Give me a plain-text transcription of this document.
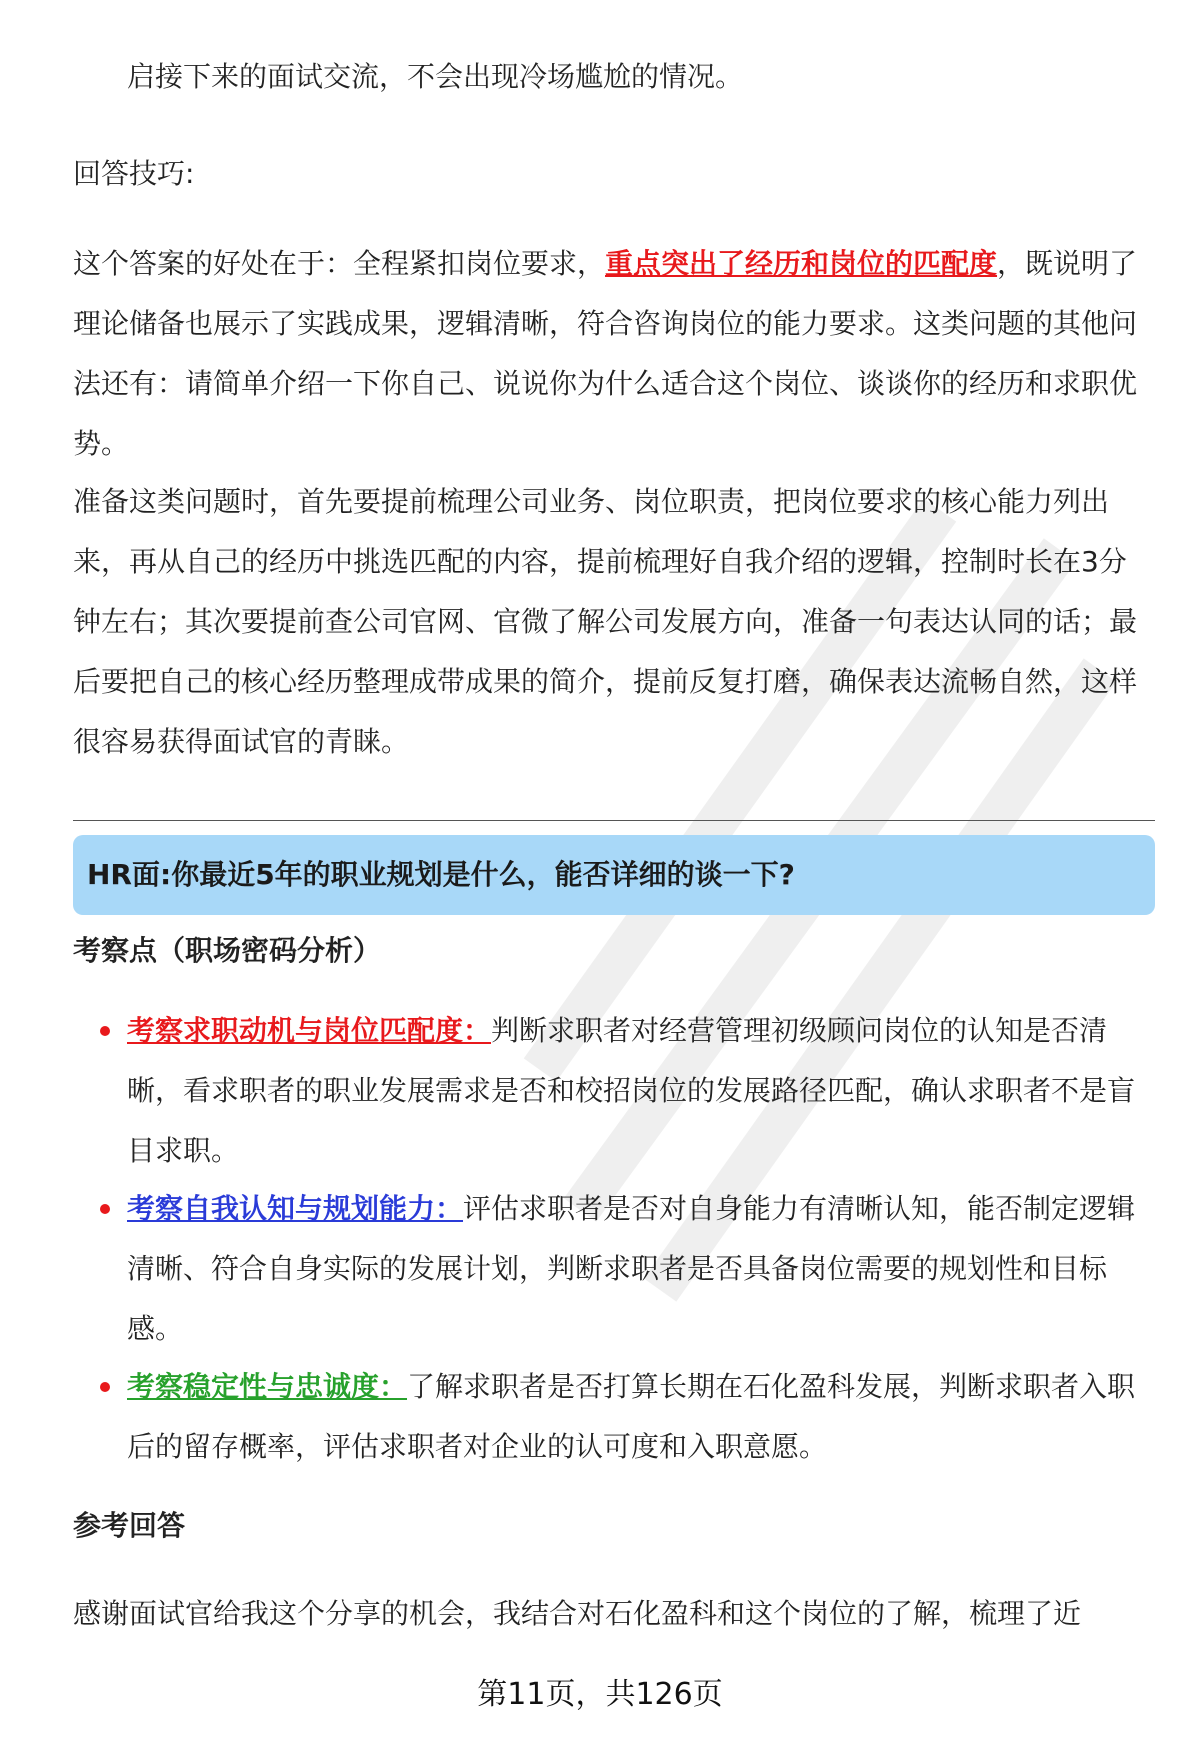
启接下来的面试交流，不会出现冷场尴尬的情况。

回答技巧:

这个答案的好处在于：全程紧扣岗位要求，重点突出了经历和岗位的匹配度，既说明了理论储备也展示了实践成果，逻辑清晰，符合咨询岗位的能力要求。这类问题的其他问法还有：请简单介绍一下你自己、说说你为什么适合这个岗位、谈谈你的经历和求职优势。

准备这类问题时，首先要提前梳理公司业务、岗位职责，把岗位要求的核心能力列出来，再从自己的经历中挑选匹配的内容，提前梳理好自我介绍的逻辑，控制时长在3分钟左右；其次要提前查公司官网、官微了解公司发展方向，准备一句表达认同的话；最后要把自己的核心经历整理成带成果的简介，提前反复打磨，确保表达流畅自然，这样很容易获得面试官的青睐。

HR面:你最近5年的职业规划是什么，能否详细的谈一下?

考察点（职场密码分析）

考察求职动机与岗位匹配度：判断求职者对经营管理初级顾问岗位的认知是否清晰，看求职者的职业发展需求是否和校招岗位的发展路径匹配，确认求职者不是盲目求职。

考察自我认知与规划能力：评估求职者是否对自身能力有清晰认知，能否制定逻辑清晰、符合自身实际的发展计划，判断求职者是否具备岗位需要的规划性和目标感。

考察稳定性与忠诚度：了解求职者是否打算长期在石化盈科发展，判断求职者入职后的留存概率，评估求职者对企业的认可度和入职意愿。

参考回答

感谢面试官给我这个分享的机会，我结合对石化盈科和这个岗位的了解，梳理了近

第11页，共126页
